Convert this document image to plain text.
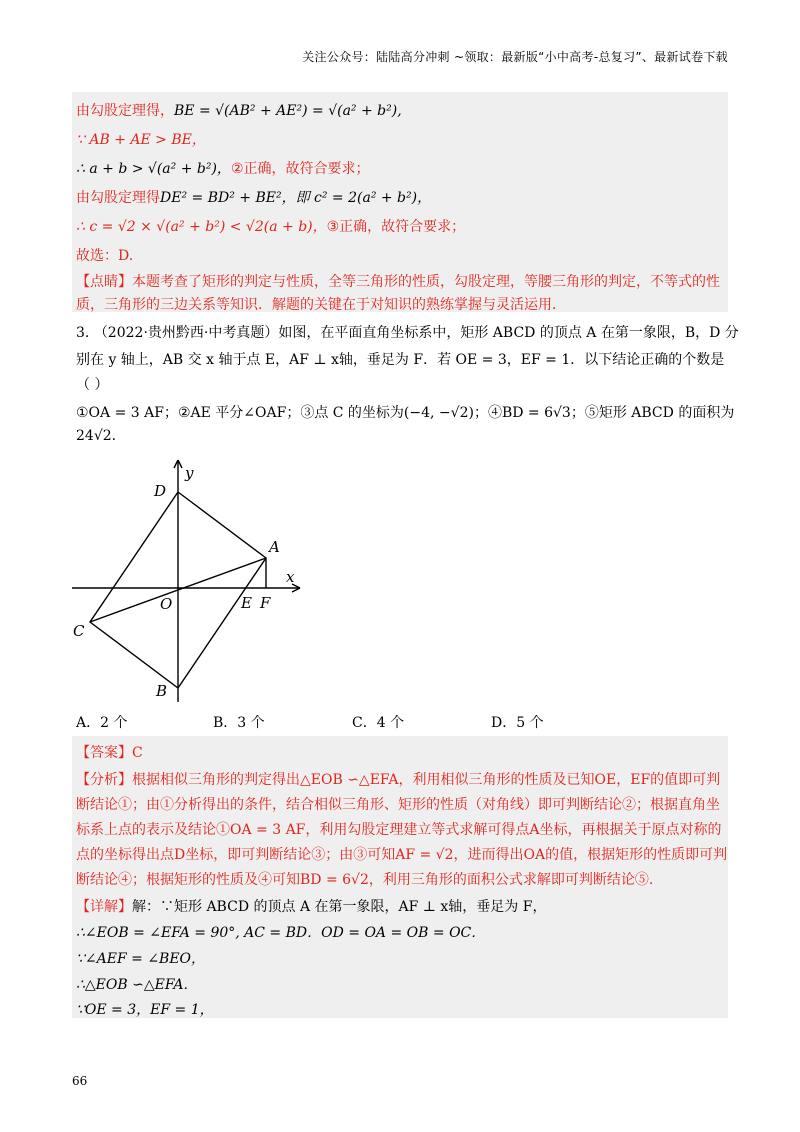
关注公众号：陆陆高分冲刺 ~领取：最新版“小中高考-总复习”、最新试卷下载
由勾股定理得，BE = √(AB² + AE²) = √(a² + b²),
∵ AB + AE > BE，
∴ a + b > √(a² + b²)，②正确，故符合要求；
由勾股定理得DE² = BD² + BE²，即 c² = 2(a² + b²)，
∴ c = √2 × √(a² + b²) < √2(a + b)，③正确，故符合要求；
故选：D.
【点睛】本题考查了矩形的判定与性质，全等三角形的性质，勾股定理，等腰三角形的判定，不等式的性
质，三角形的三边关系等知识．解题的关键在于对知识的熟练掌握与灵活运用．
3. （2022·贵州黔西·中考真题）如图，在平面直角坐标系中，矩形 ABCD 的顶点 A 在第一象限，B，D 分
别在 y 轴上，AB 交 x 轴于点 E，AF ⊥ x轴，垂足为 F．若 OE = 3，EF = 1．以下结论正确的个数是
（ ）
①OA = 3 AF；②AE 平分∠OAF；③点 C 的坐标为(−4, −√2)；④BD = 6√3；⑤矩形 ABCD 的面积为
24√2.
y
x
D
A
O	E F
C
B
A．2 个	B．3 个	C．4 个	D．5 个
【答案】C
【分析】根据相似三角形的判定得出△EOB ∽△EFA，利用相似三角形的性质及已知OE，EF的值即可判
断结论①；由①分析得出的条件，结合相似三角形、矩形的性质（对角线）即可判断结论②；根据直角坐
标系上点的表示及结论①OA = 3 AF，利用勾股定理建立等式求解可得点A坐标，再根据关于原点对称的
点的坐标得出点D坐标，即可判断结论③；由③可知AF = √2，进而得出OA的值，根据矩形的性质即可判
断结论④；根据矩形的性质及④可知BD = 6√2，利用三角形的面积公式求解即可判断结论⑤.
【详解】解：∵矩形 ABCD 的顶点 A 在第一象限，AF ⊥ x轴，垂足为 F，
∴∠EOB = ∠EFA = 90°, AC = BD．OD = OA = OB = OC．
∵∠AEF = ∠BEO，
∴△EOB ∽△EFA．
∵OE = 3，EF = 1，
66
